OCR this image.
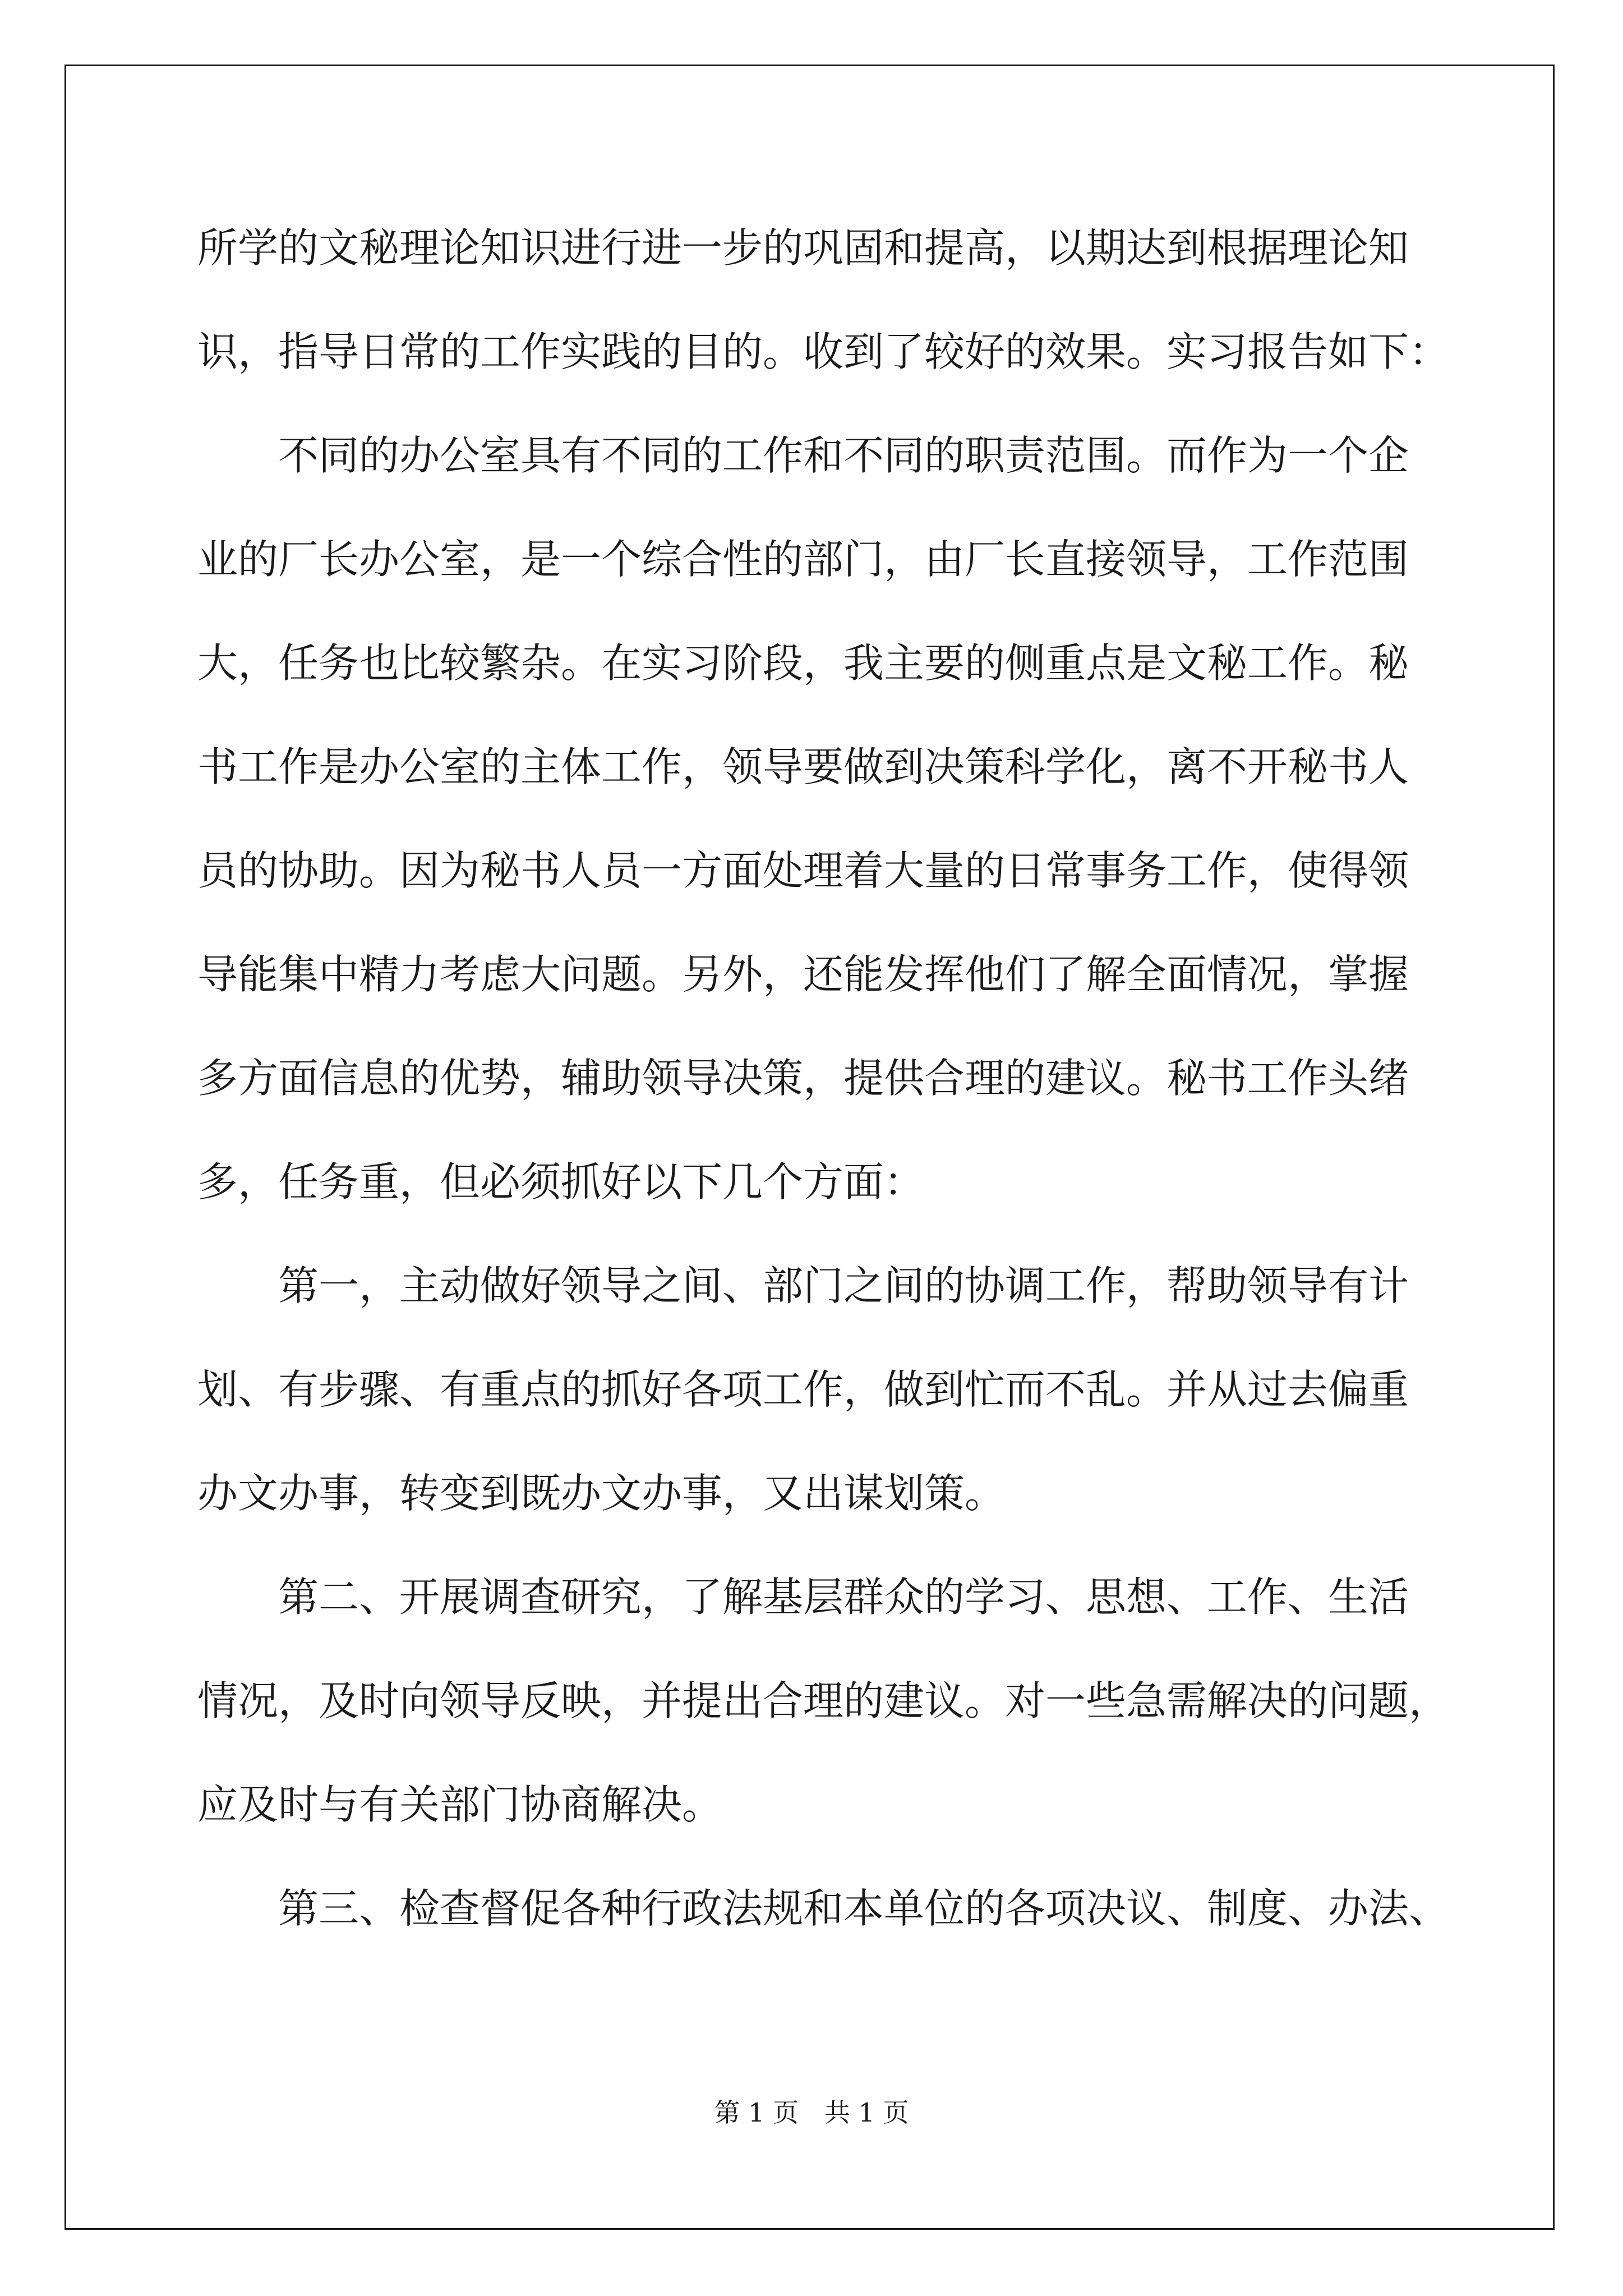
所学的文秘理论知识进行进一步的巩固和提高，以期达到根据理论知
识，指导日常的工作实践的目的。收到了较好的效果。实习报告如下：
　　不同的办公室具有不同的工作和不同的职责范围。而作为一个企
业的厂长办公室，是一个综合性的部门，由厂长直接领导，工作范围
大，任务也比较繁杂。在实习阶段，我主要的侧重点是文秘工作。秘
书工作是办公室的主体工作，领导要做到决策科学化，离不开秘书人
员的协助。因为秘书人员一方面处理着大量的日常事务工作，使得领
导能集中精力考虑大问题。另外，还能发挥他们了解全面情况，掌握
多方面信息的优势，辅助领导决策，提供合理的建议。秘书工作头绪
多，任务重，但必须抓好以下几个方面：
　　第一，主动做好领导之间、部门之间的协调工作，帮助领导有计
划、有步骤、有重点的抓好各项工作，做到忙而不乱。并从过去偏重
办文办事，转变到既办文办事，又出谋划策。
　　第二、开展调查研究，了解基层群众的学习、思想、工作、生活
情况，及时向领导反映，并提出合理的建议。对一些急需解决的问题，
应及时与有关部门协商解决。
　　第三、检查督促各种行政法规和本单位的各项决议、制度、办法、
第 1 页　共 1 页
